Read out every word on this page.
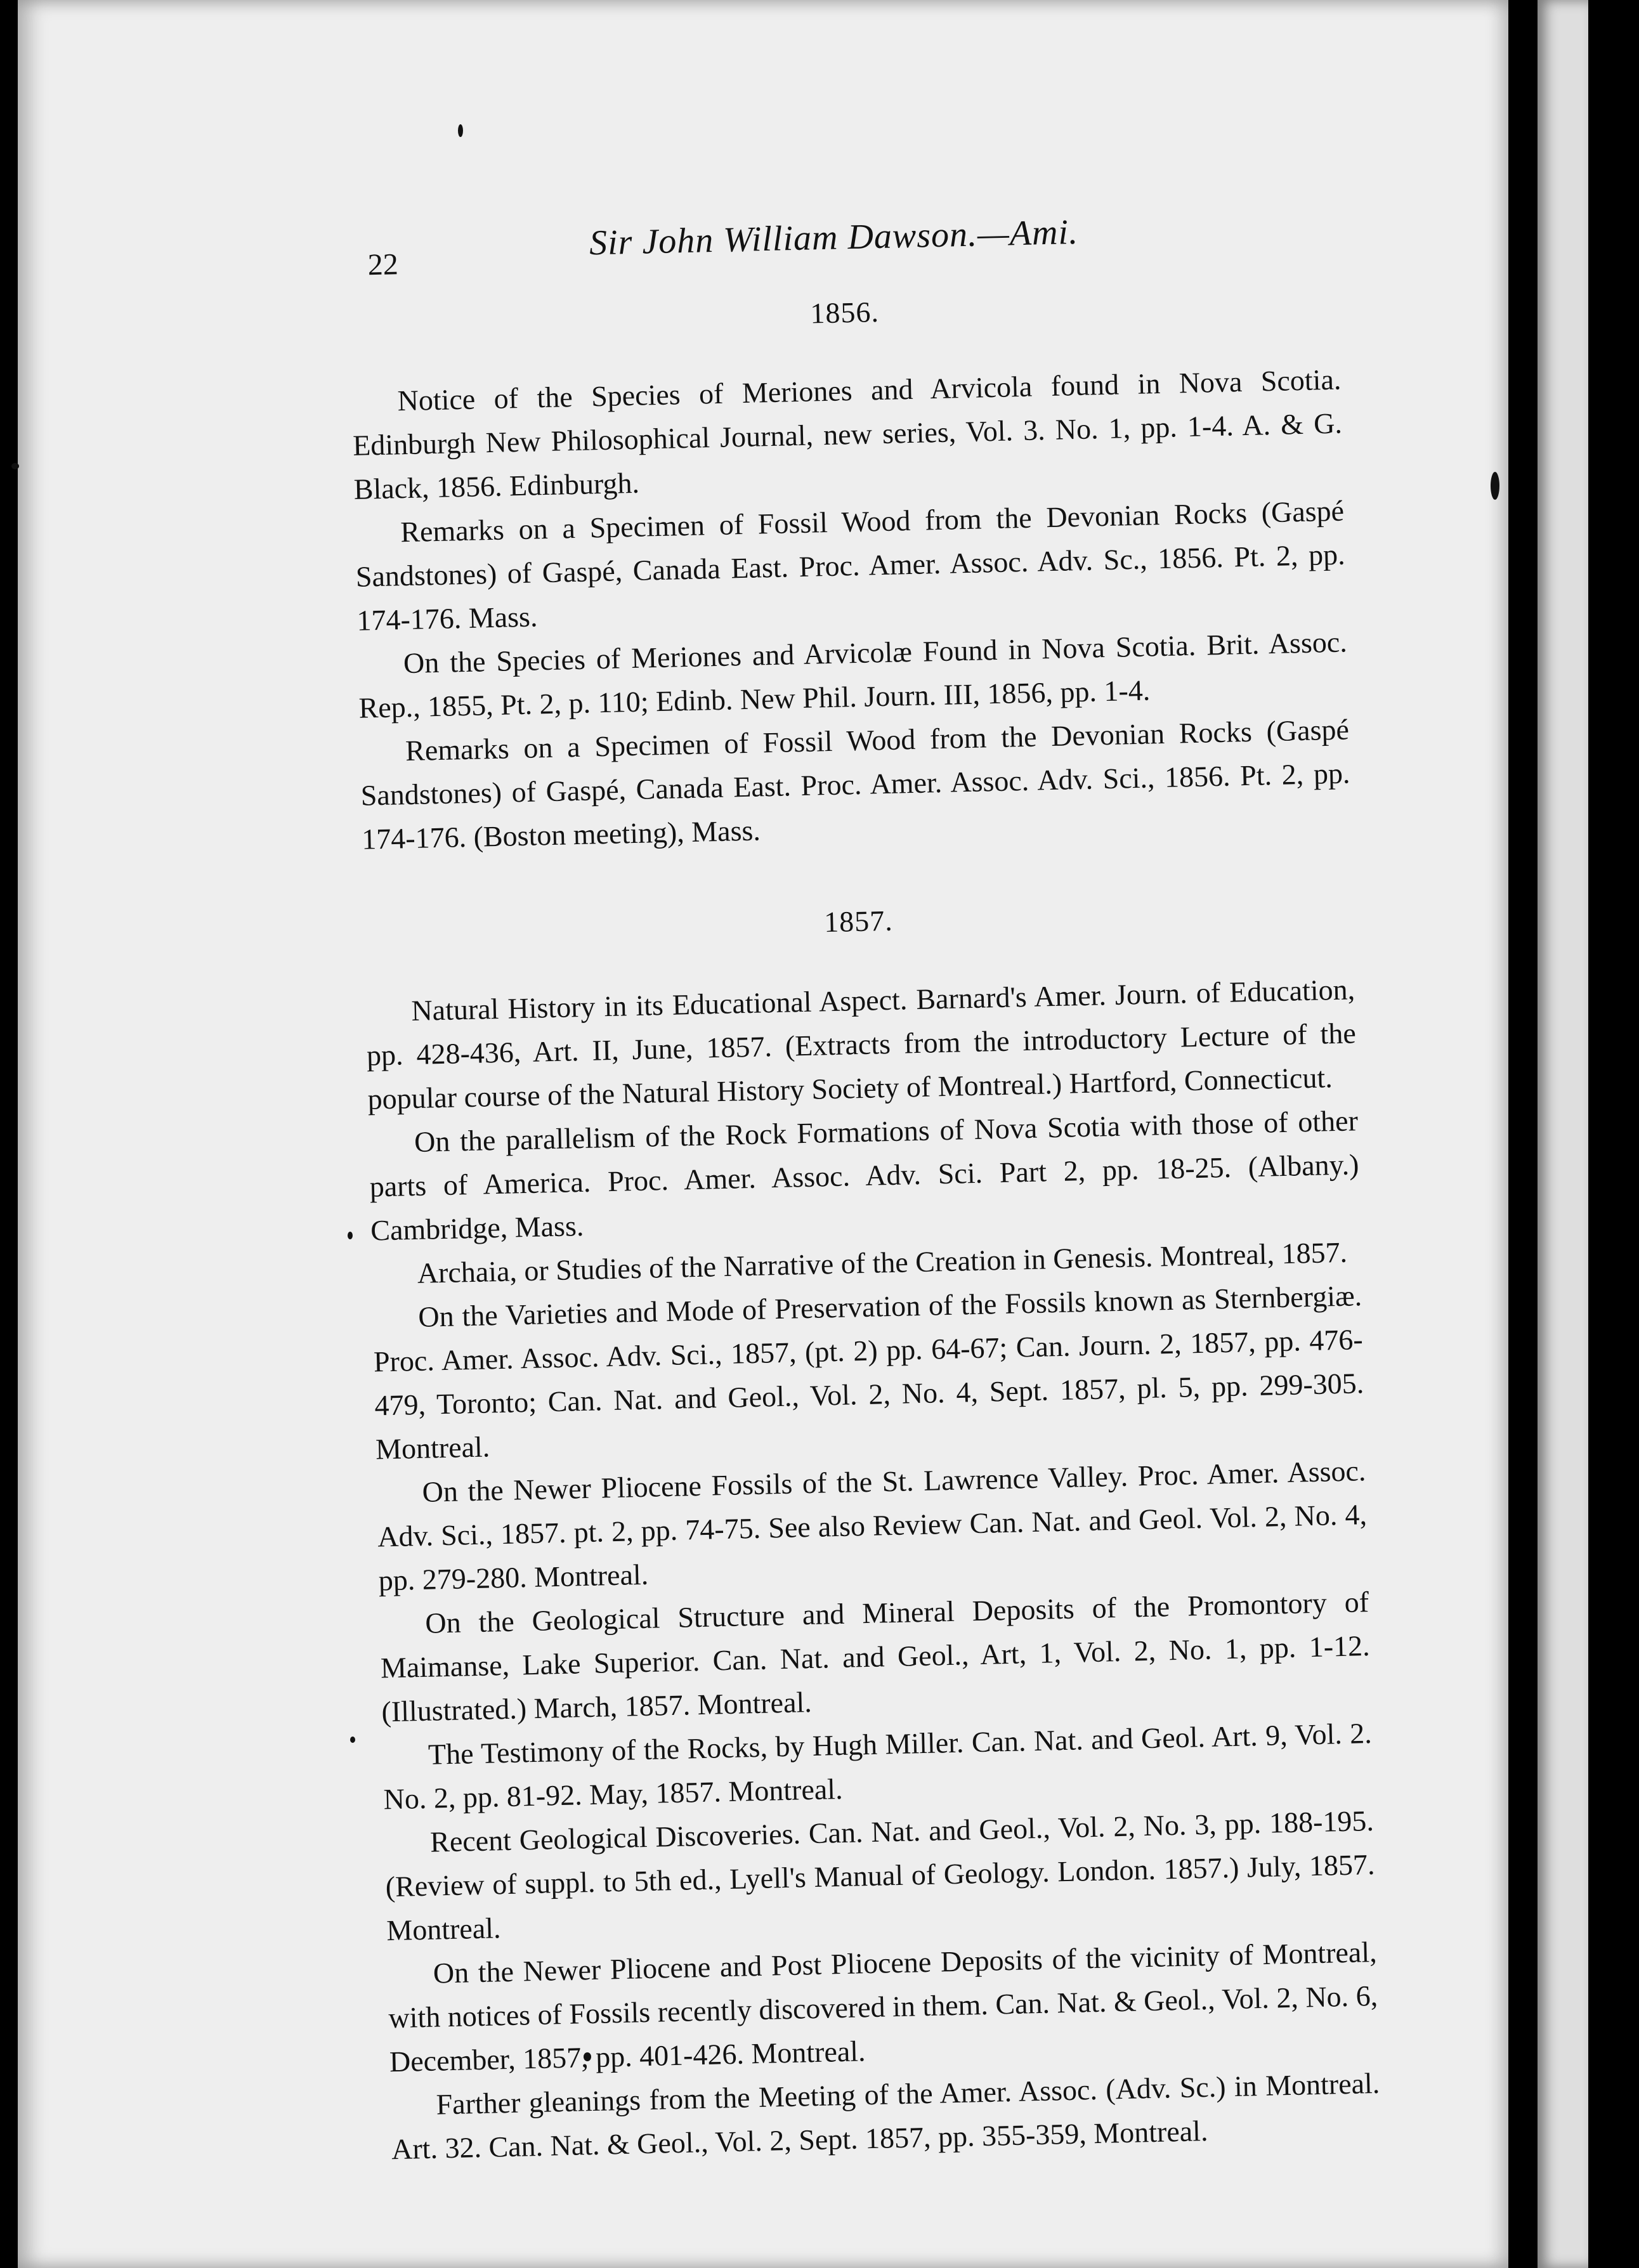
22
Sir John William Dawson.—Ami.
1856.
Notice of the Species of Meriones and Arvicola found in Nova Scotia. Edinburgh New Philosophical Journal, new series, Vol. 3. No. 1, pp. 1-4. A. & G. Black, 1856. Edinburgh.
Remarks on a Specimen of Fossil Wood from the Devonian Rocks (Gaspé Sandstones) of Gaspé, Canada East. Proc. Amer. Assoc. Adv. Sc., 1856. Pt. 2, pp. 174-176. Mass.
On the Species of Meriones and Arvicolæ Found in Nova Scotia. Brit. Assoc. Rep., 1855, Pt. 2, p. 110; Edinb. New Phil. Journ. III, 1856, pp. 1-4.
Remarks on a Specimen of Fossil Wood from the Devonian Rocks (Gaspé Sandstones) of Gaspé, Canada East. Proc. Amer. Assoc. Adv. Sci., 1856. Pt. 2, pp. 174-176. (Boston meeting), Mass.
1857.
Natural History in its Educational Aspect. Barnard's Amer. Journ. of Education, pp. 428-436, Art. II, June, 1857. (Extracts from the introductory Lecture of the popular course of the Natural History Society of Montreal.) Hartford, Connecticut.
On the parallelism of the Rock Formations of Nova Scotia with those of other parts of America. Proc. Amer. Assoc. Adv. Sci. Part 2, pp. 18-25. (Albany.) Cambridge, Mass.
Archaia, or Studies of the Narrative of the Creation in Genesis. Montreal, 1857.
On the Varieties and Mode of Preservation of the Fossils known as Sternbergiæ. Proc. Amer. Assoc. Adv. Sci., 1857, (pt. 2) pp. 64-67; Can. Journ. 2, 1857, pp. 476-479, Toronto; Can. Nat. and Geol., Vol. 2, No. 4, Sept. 1857, pl. 5, pp. 299-305. Montreal.
On the Newer Pliocene Fossils of the St. Lawrence Valley. Proc. Amer. Assoc. Adv. Sci., 1857. pt. 2, pp. 74-75. See also Review Can. Nat. and Geol. Vol. 2, No. 4, pp. 279-280. Montreal.
On the Geological Structure and Mineral Deposits of the Promontory of Maimanse, Lake Superior. Can. Nat. and Geol., Art, 1, Vol. 2, No. 1, pp. 1-12. (Illustrated.) March, 1857. Montreal.
The Testimony of the Rocks, by Hugh Miller. Can. Nat. and Geol. Art. 9, Vol. 2. No. 2, pp. 81-92. May, 1857. Montreal.
Recent Geological Discoveries. Can. Nat. and Geol., Vol. 2, No. 3, pp. 188-195. (Review of suppl. to 5th ed., Lyell's Manual of Geology. London. 1857.) July, 1857. Montreal.
On the Newer Pliocene and Post Pliocene Deposits of the vicinity of Montreal, with notices of Fossils recently discovered in them. Can. Nat. & Geol., Vol. 2, No. 6, December, 1857, pp. 401-426. Montreal.
Farther gleanings from the Meeting of the Amer. Assoc. (Adv. Sc.) in Montreal. Art. 32. Can. Nat. & Geol., Vol. 2, Sept. 1857, pp. 355-359, Montreal.
